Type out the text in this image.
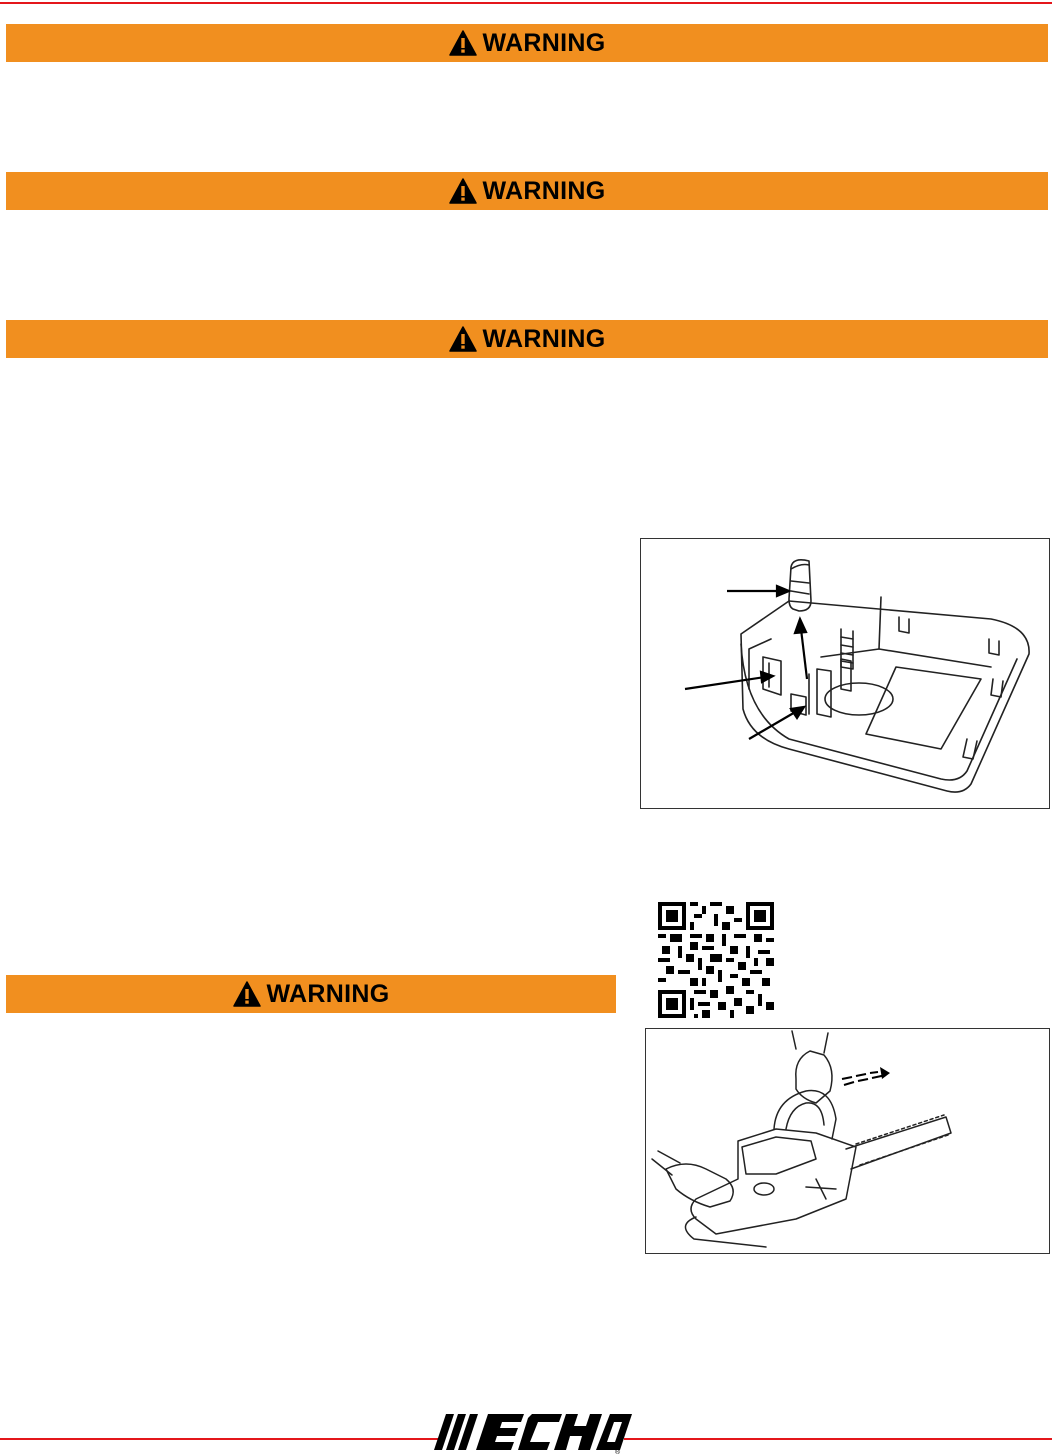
WARNING
WARNING
WARNING
WARNING
®
